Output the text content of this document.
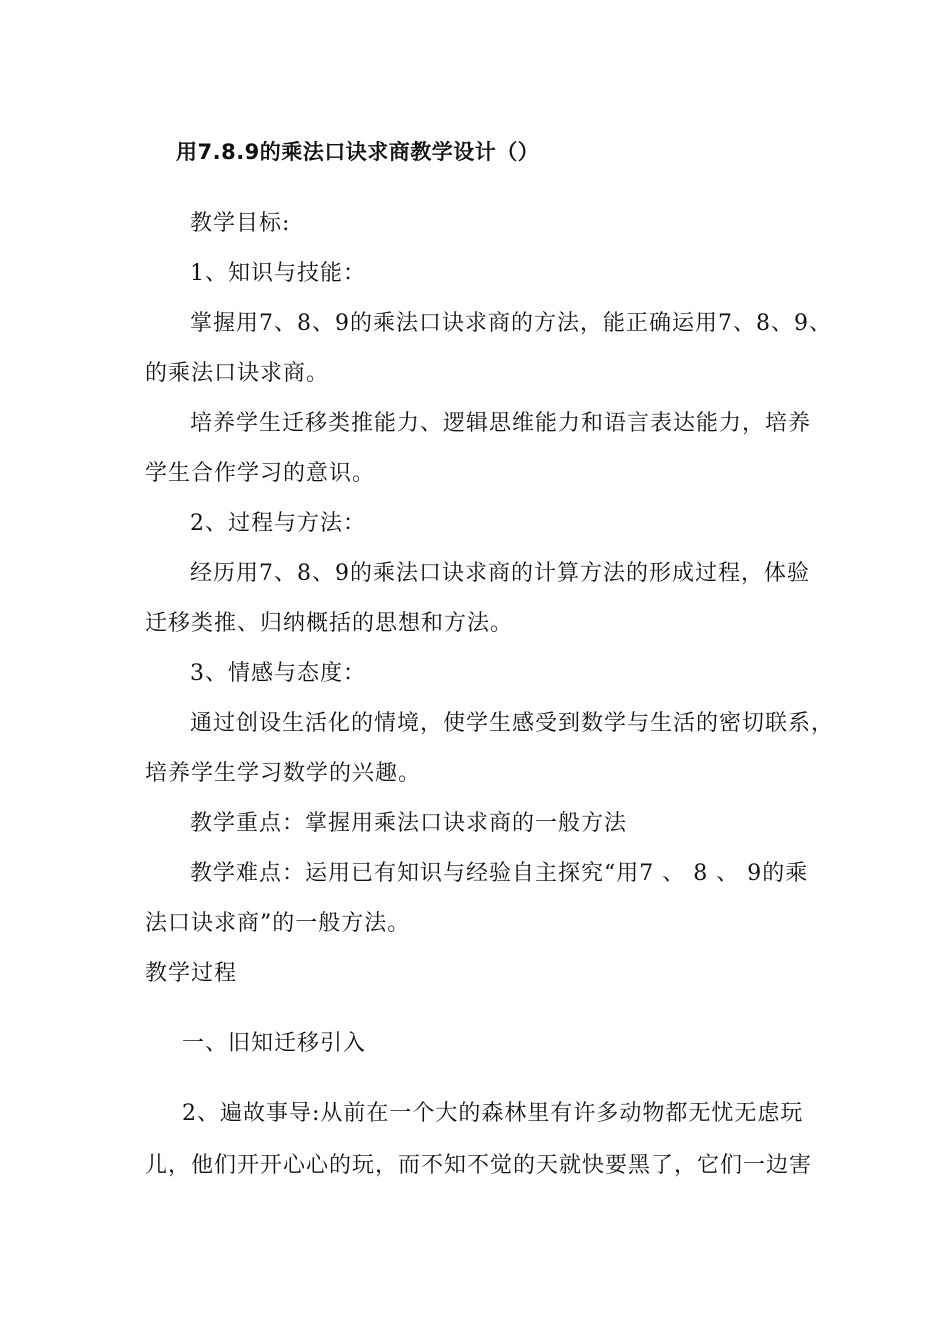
用7.8.9的乘法口诀求商教学设计（）
教学目标:
1、知识与技能：
掌握用7、8、9的乘法口诀求商的方法，能正确运用7、8、9、
的乘法口诀求商。
培养学生迁移类推能力、逻辑思维能力和语言表达能力，培养
学生合作学习的意识。
2、过程与方法：
经历用7、8、9的乘法口诀求商的计算方法的形成过程，体验
迁移类推、归纳概括的思想和方法。
3、情感与态度：
通过创设生活化的情境，使学生感受到数学与生活的密切联系，
培养学生学习数学的兴趣。
教学重点：掌握用乘法口诀求商的一般方法
教学难点：运用已有知识与经验自主探究“用7 、 8 、 9的乘
法口诀求商”的一般方法。
教学过程
一、旧知迁移引入
2、遍故事导:从前在一个大的森林里有许多动物都无忧无虑玩
儿，他们开开心心的玩，而不知不觉的天就快要黑了，它们一边害
